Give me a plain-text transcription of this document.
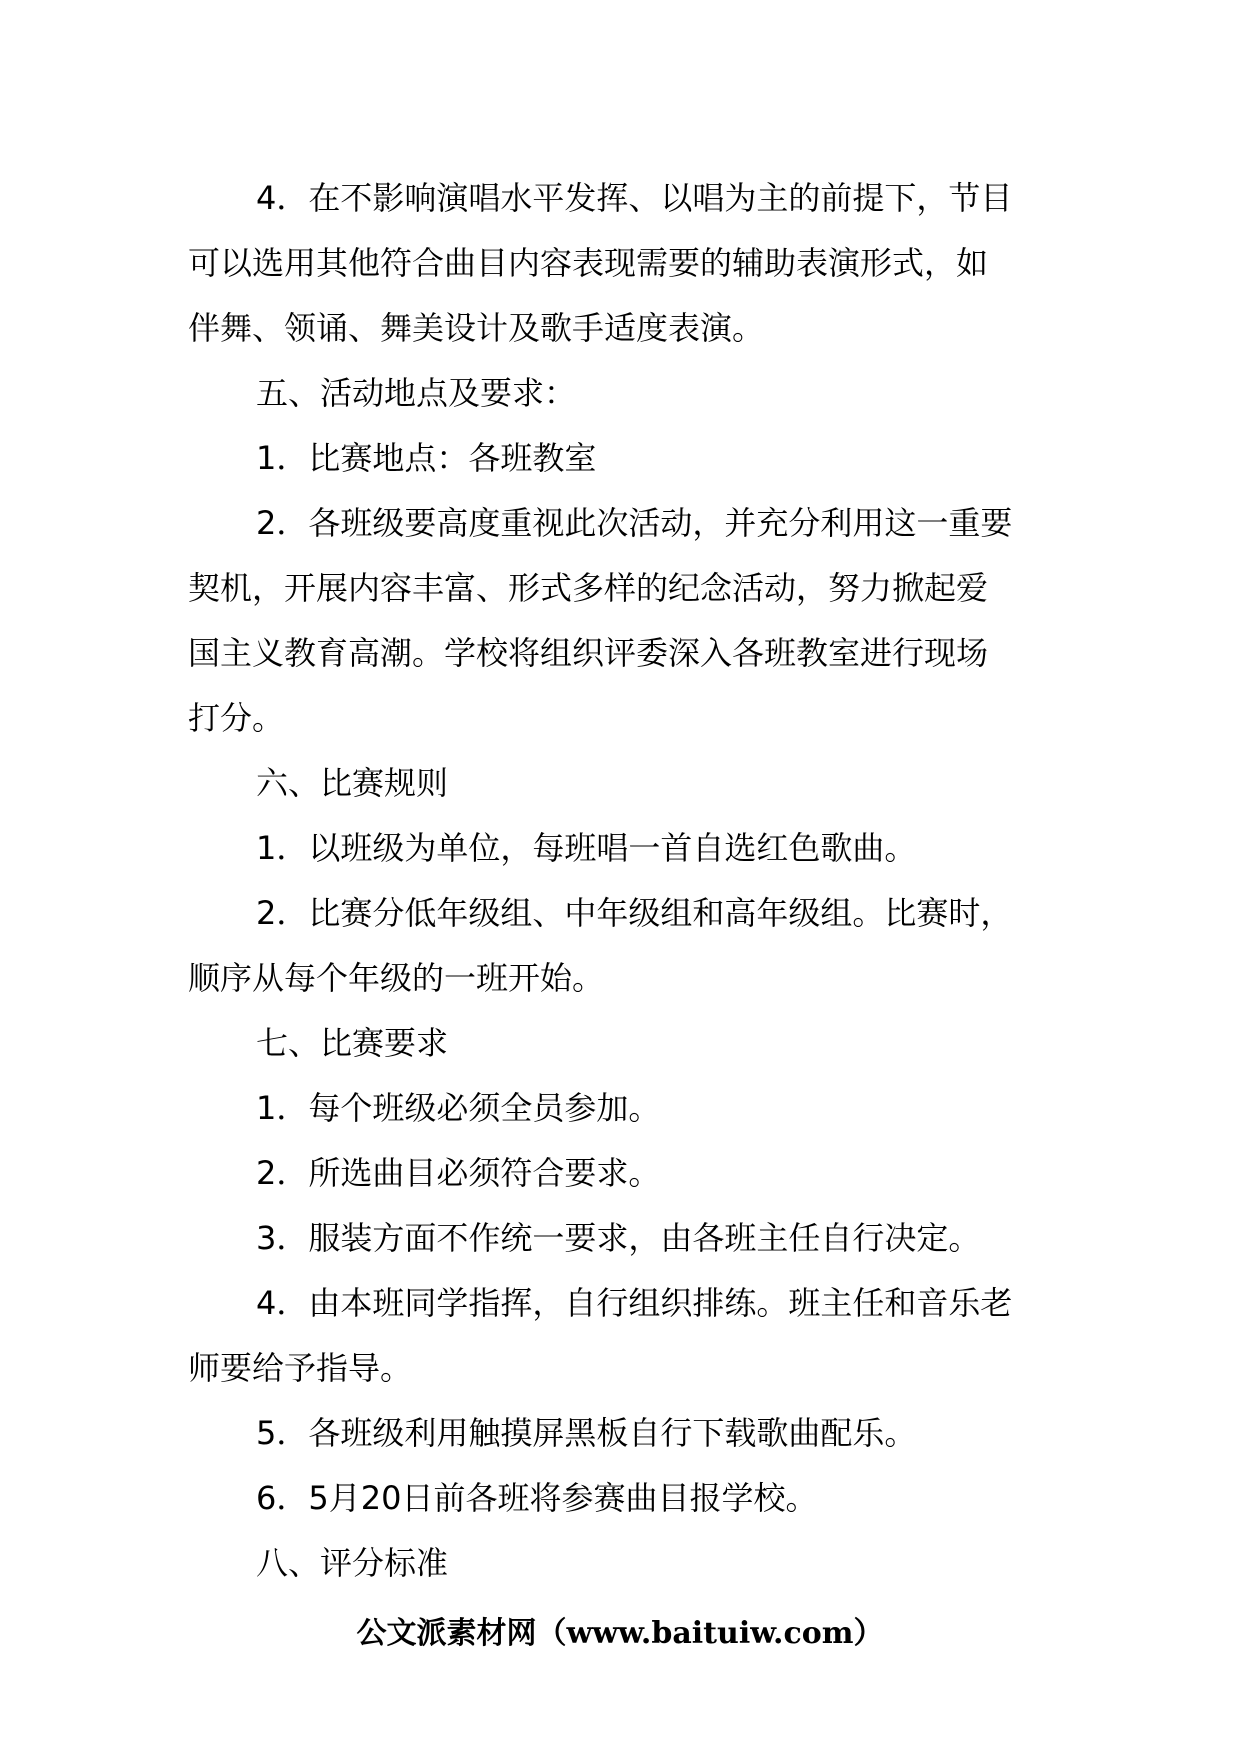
4．在不影响演唱水平发挥、以唱为主的前提下，节目
可以选用其他符合曲目内容表现需要的辅助表演形式，如
伴舞、领诵、舞美设计及歌手适度表演。
五、活动地点及要求：
1．比赛地点：各班教室
2．各班级要高度重视此次活动，并充分利用这一重要
契机，开展内容丰富、形式多样的纪念活动，努力掀起爱
国主义教育高潮。学校将组织评委深入各班教室进行现场
打分。
六、比赛规则
1．以班级为单位，每班唱一首自选红色歌曲。
2．比赛分低年级组、中年级组和高年级组。比赛时，
顺序从每个年级的一班开始。
七、比赛要求
1．每个班级必须全员参加。
2．所选曲目必须符合要求。
3．服装方面不作统一要求，由各班主任自行决定。
4．由本班同学指挥，自行组织排练。班主任和音乐老
师要给予指导。
5．各班级利用触摸屏黑板自行下载歌曲配乐。
6．5月20日前各班将参赛曲目报学校。
八、评分标准
公文派素材网（www.baituiw.com）
